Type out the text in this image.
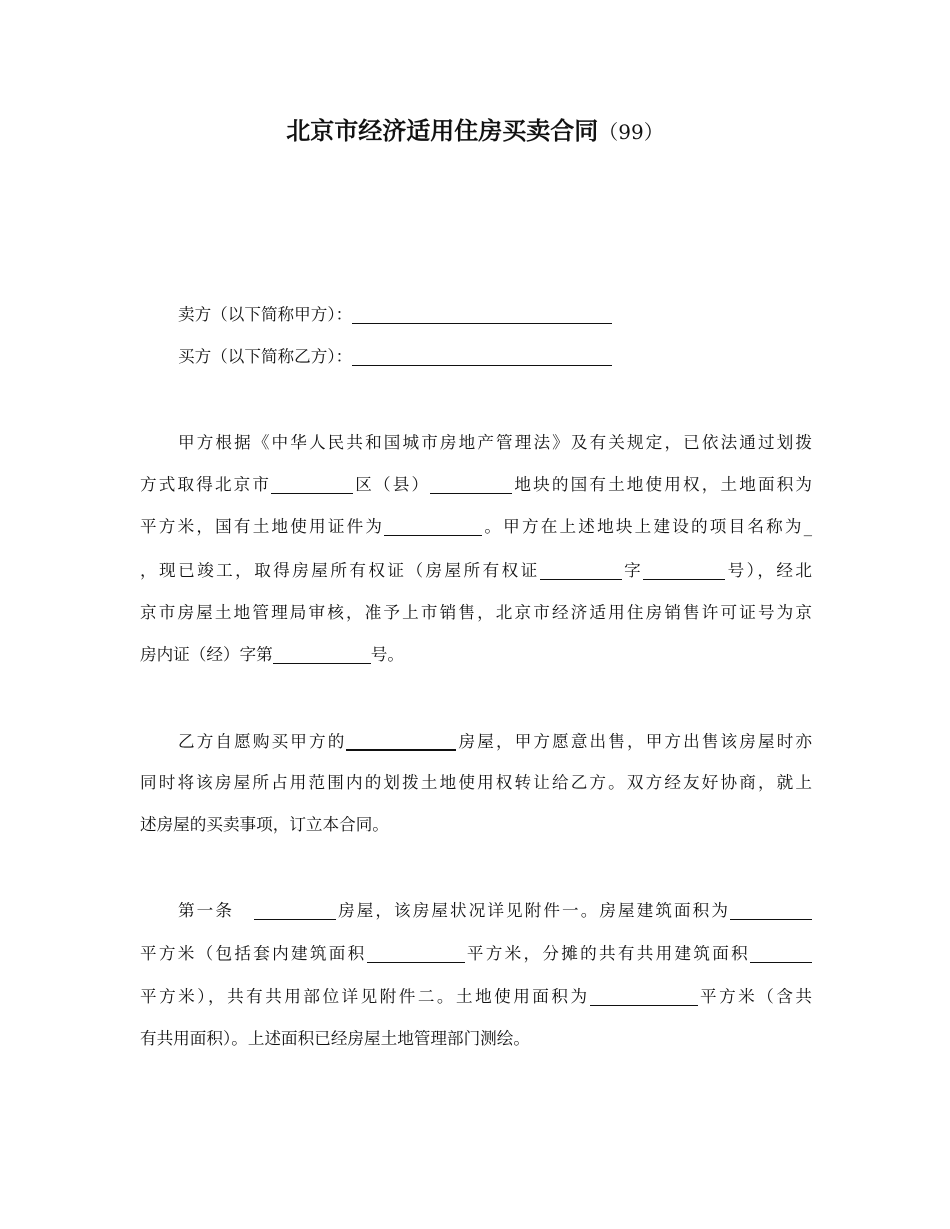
北京市经济适用住房买卖合同（99）
卖方（以下简称甲方）：
买方（以下简称乙方）：
甲方根据《中华人民共和国城市房地产管理法》及有关规定，已依法通过划拨
方式取得北京市	区（县）	地块的国有土地使用权，土地面积为
平方米，国有土地使用证件为	。甲方在上述地块上建设的项目名称为_
，现已竣工，取得房屋所有权证（房屋所有权证	字	号），经北
京市房屋土地管理局审核，准予上市销售，北京市经济适用住房销售许可证号为京
房内证（经）字第	号。
乙方自愿购买甲方的	房屋，甲方愿意出售，甲方出售该房屋时亦
同时将该房屋所占用范围内的划拨土地使用权转让给乙方。双方经友好协商，就上
述房屋的买卖事项，订立本合同。
第一条	房屋，该房屋状况详见附件一。房屋建筑面积为
平方米（包括套内建筑面积	平方米，分摊的共有共用建筑面积
平方米），共有共用部位详见附件二。土地使用面积为	平方米（含共
有共用面积）。上述面积已经房屋土地管理部门测绘。
